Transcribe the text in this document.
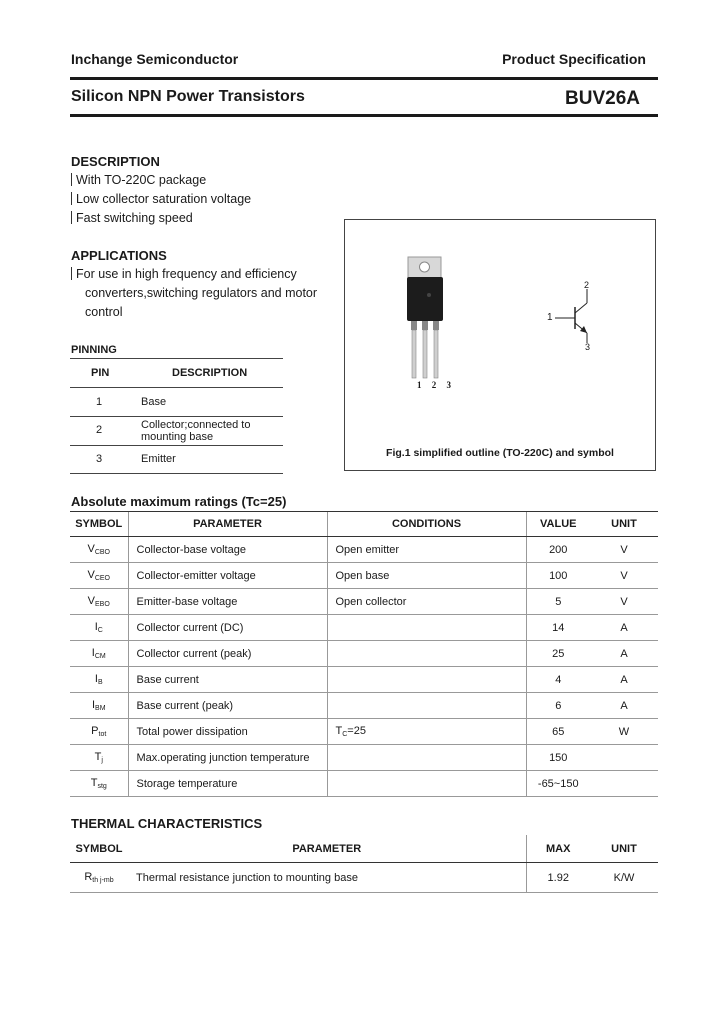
Inchange Semiconductor	Product Specification
Silicon NPN Power Transistors	BUV26A
DESCRIPTION
With TO-220C package
Low collector saturation voltage
Fast switching speed
APPLICATIONS
For use in high frequency and efficiency
converters,switching regulators and motor
control
PINNING
PIN	DESCRIPTION
1	Base
2	Collector;connected to
mounting base
3	Emitter
1 2 3
2
1
3
Fig.1 simplified outline (TO-220C) and symbol
Absolute maximum ratings (Tc=25)
SYMBOL	PARAMETER	CONDITIONS	VALUE	UNIT
$V_{CBO}$	Collector-base voltage	Open emitter	200	V
$V_{CEO}$	Collector-emitter voltage	Open base	100	V
$V_{EBO}$	Emitter-base voltage	Open collector	5	V
$I_C$	Collector current (DC)		14	A
$I_{CM}$	Collector current (peak)		25	A
$I_B$	Base current		4	A
$I_{BM}$	Base current (peak)		6	A
$P_{tot}$	Total power dissipation	$T_C=25$	65	W
$T_j$	Max.operating junction temperature		150	
$T_{stg}$	Storage temperature		-65~150	
THERMAL CHARACTERISTICS
SYMBOL	PARAMETER	MAX	UNIT
$R_{th j-mb}$	Thermal resistance junction to mounting base	1.92	K/W
